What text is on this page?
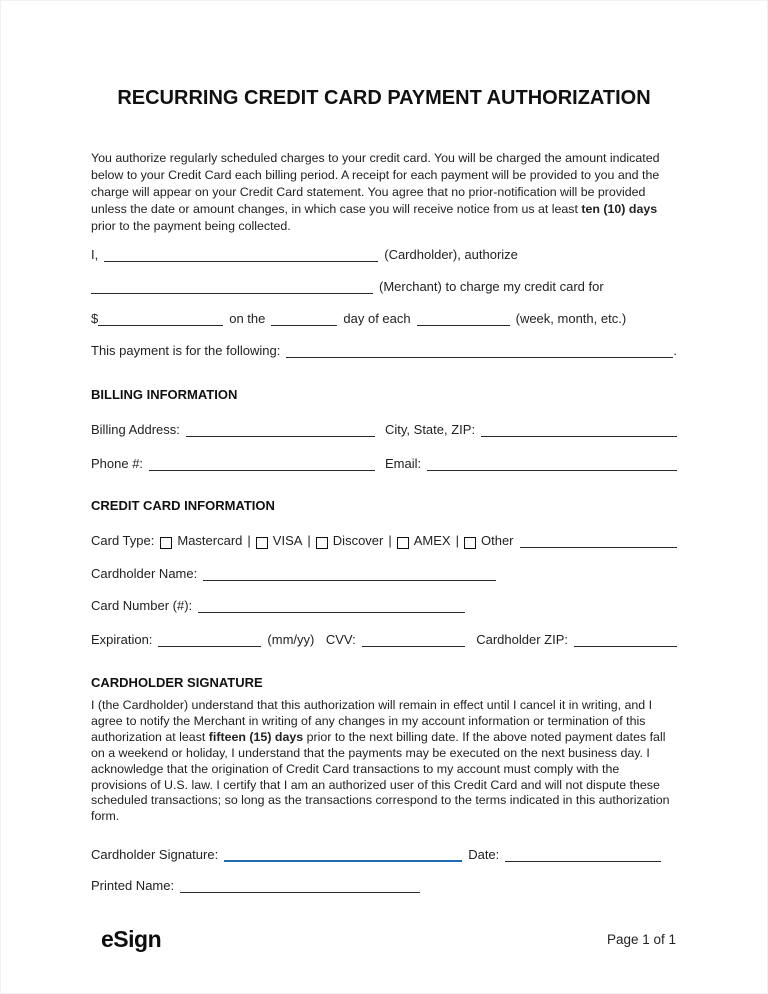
RECURRING CREDIT CARD PAYMENT AUTHORIZATION

You authorize regularly scheduled charges to your credit card. You will be charged the amount indicated below to your Credit Card each billing period. A receipt for each payment will be provided to you and the charge will appear on your Credit Card statement. You agree that no prior-notification will be provided unless the date or amount changes, in which case you will receive notice from us at least ten (10) days prior to the payment being collected.

I,	(Cardholder), authorize
(Merchant) to charge my credit card for
$	on the	day of each	(week, month, etc.)
This payment is for the following:	.
BILLING INFORMATION
Billing Address:	City, State, ZIP:
Phone #:	Email:
CREDIT CARD INFORMATION
Card Type: Mastercard | VISA | Discover | AMEX | Other
Cardholder Name:
Card Number (#):
Expiration:	(mm/yy) CVV:	Cardholder ZIP:
CARDHOLDER SIGNATURE

I (the Cardholder) understand that this authorization will remain in effect until I cancel it in writing, and I agree to notify the Merchant in writing of any changes in my account information or termination of this authorization at least fifteen (15) days prior to the next billing date. If the above noted payment dates fall on a weekend or holiday, I understand that the payments may be executed on the next business day. I acknowledge that the origination of Credit Card transactions to my account must comply with the provisions of U.S. law. I certify that I am an authorized user of this Credit Card and will not dispute these scheduled transactions; so long as the transactions correspond to the terms indicated in this authorization form.

Cardholder Signature:	Date:
Printed Name:
eSign	Page 1 of 1
